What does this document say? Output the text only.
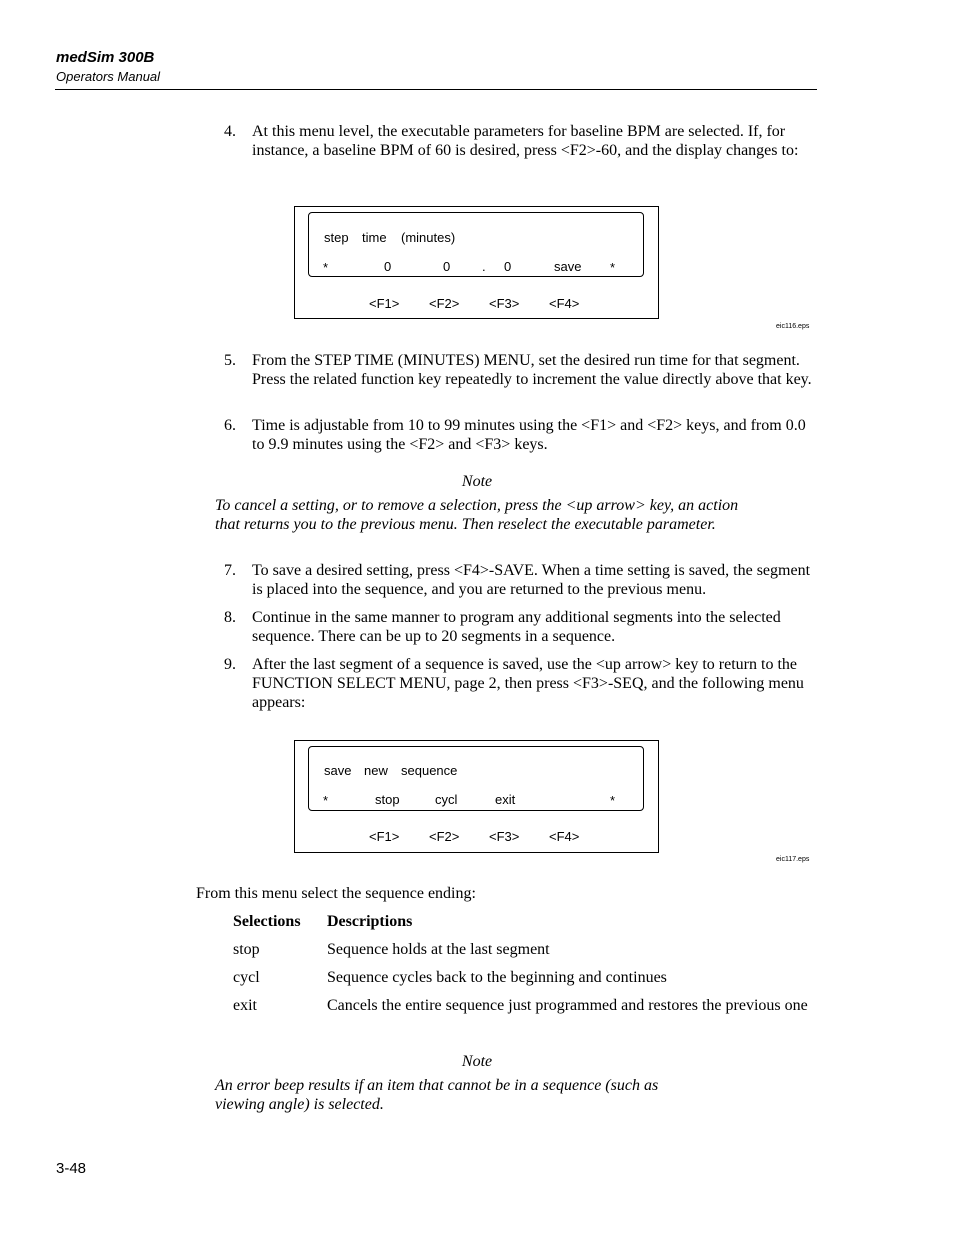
medSim 300B
Operators Manual
4. At this menu level, the executable parameters for baseline BPM are selected. If, for instance, a baseline BPM of 60 is desired, press <F2>-60, and the display changes to:
step time (minutes)
*	0	0 . 0	save *
<F1> <F2> <F3> <F4>
eic116.eps
5. From the STEP TIME (MINUTES) MENU, set the desired run time for that segment. Press the related function key repeatedly to increment the value directly above that key.
6. Time is adjustable from 10 to 99 minutes using the <F1> and <F2> keys, and from 0.0 to 9.9 minutes using the <F2> and <F3> keys.
Note
To cancel a setting, or to remove a selection, press the <up arrow> key, an action that returns you to the previous menu. Then reselect the executable parameter.
7. To save a desired setting, press <F4>-SAVE. When a time setting is saved, the segment is placed into the sequence, and you are returned to the previous menu.
8. Continue in the same manner to program any additional segments into the selected sequence. There can be up to 20 segments in a sequence.
9. After the last segment of a sequence is saved, use the <up arrow> key to return to the FUNCTION SELECT MENU, page 2, then press <F3>-SEQ, and the following menu appears:
save new sequence
*	stop	cycl	exit	*
<F1> <F2> <F3> <F4>
eic117.eps
From this menu select the sequence ending:
Selections Descriptions
stop	Sequence holds at the last segment
cycl	Sequence cycles back to the beginning and continues
exit	Cancels the entire sequence just programmed and restores the previous one
Note
An error beep results if an item that cannot be in a sequence (such as viewing angle) is selected.
3-48
